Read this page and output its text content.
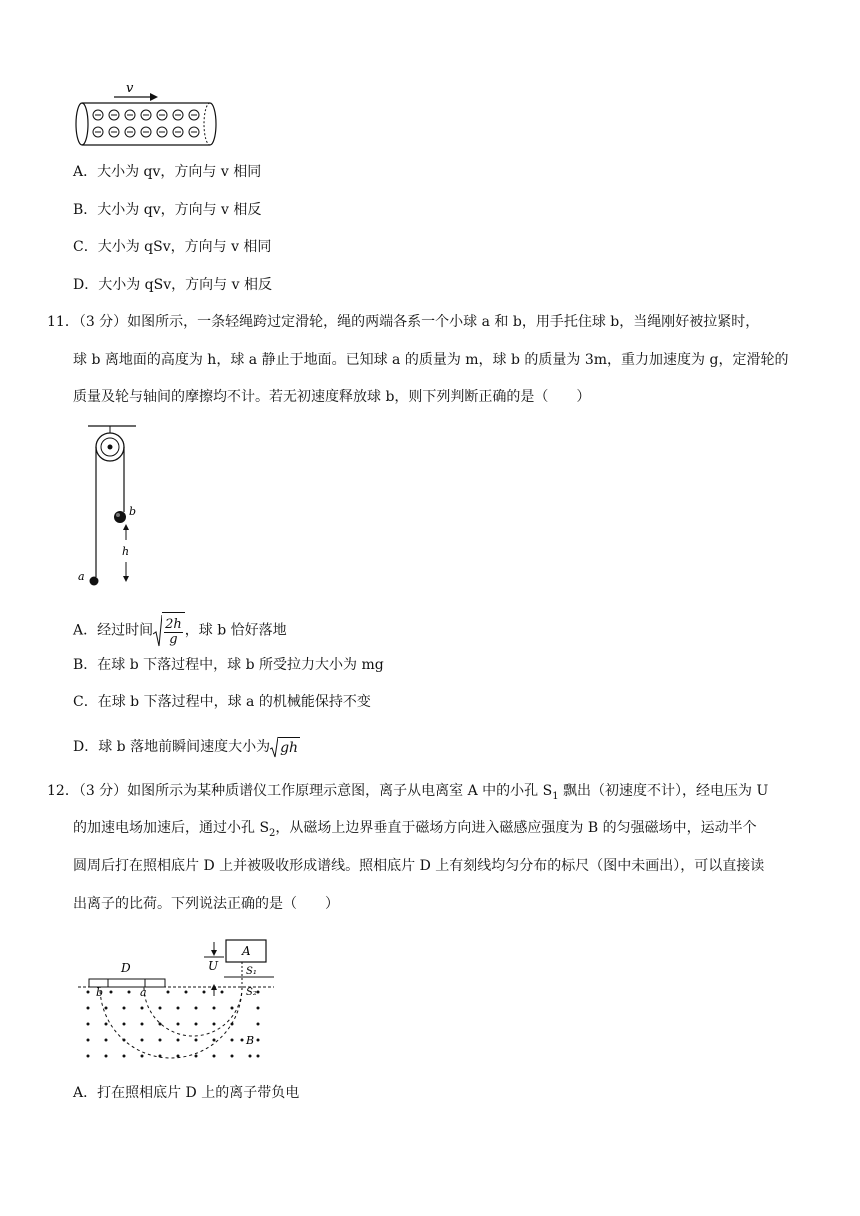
v
A．大小为 qv，方向与 v 相同
B．大小为 qv，方向与 v 相反
C．大小为 qSv，方向与 v 相同
D．大小为 qSv，方向与 v 相反
11．（3 分）如图所示，一条轻绳跨过定滑轮，绳的两端各系一个小球 a 和 b，用手托住球 b，当绳刚好被拉紧时，
球 b 离地面的高度为 h，球 a 静止于地面。已知球 a 的质量为 m，球 b 的质量为 3m，重力加速度为 g，定滑轮的
质量及轮与轴间的摩擦均不计。若无初速度释放球 b，则下列判断正确的是（　　）
b
h
a
A．经过时间 $\frac{2h}{g}$ ，球 b 恰好落地
B．在球 b 下落过程中，球 b 所受拉力大小为 mg
C．在球 b 下落过程中，球 a 的机械能保持不变
D．球 b 落地前瞬间速度大小为 gh
12．（3 分）如图所示为某种质谱仪工作原理示意图，离子从电离室 A 中的小孔 $S_1$ 飘出（初速度不计），经电压为 U
的加速电场加速后，通过小孔 $S_2$，从磁场上边界垂直于磁场方向进入磁感应强度为 B 的匀强磁场中，运动半个
圆周后打在照相底片 D 上并被吸收形成谱线。照相底片 D 上有刻线均匀分布的标尺（图中未画出），可以直接读
出离子的比荷。下列说法正确的是（　　）
A
S₁
S₂
U
D
b	a
B
A．打在照相底片 D 上的离子带负电
